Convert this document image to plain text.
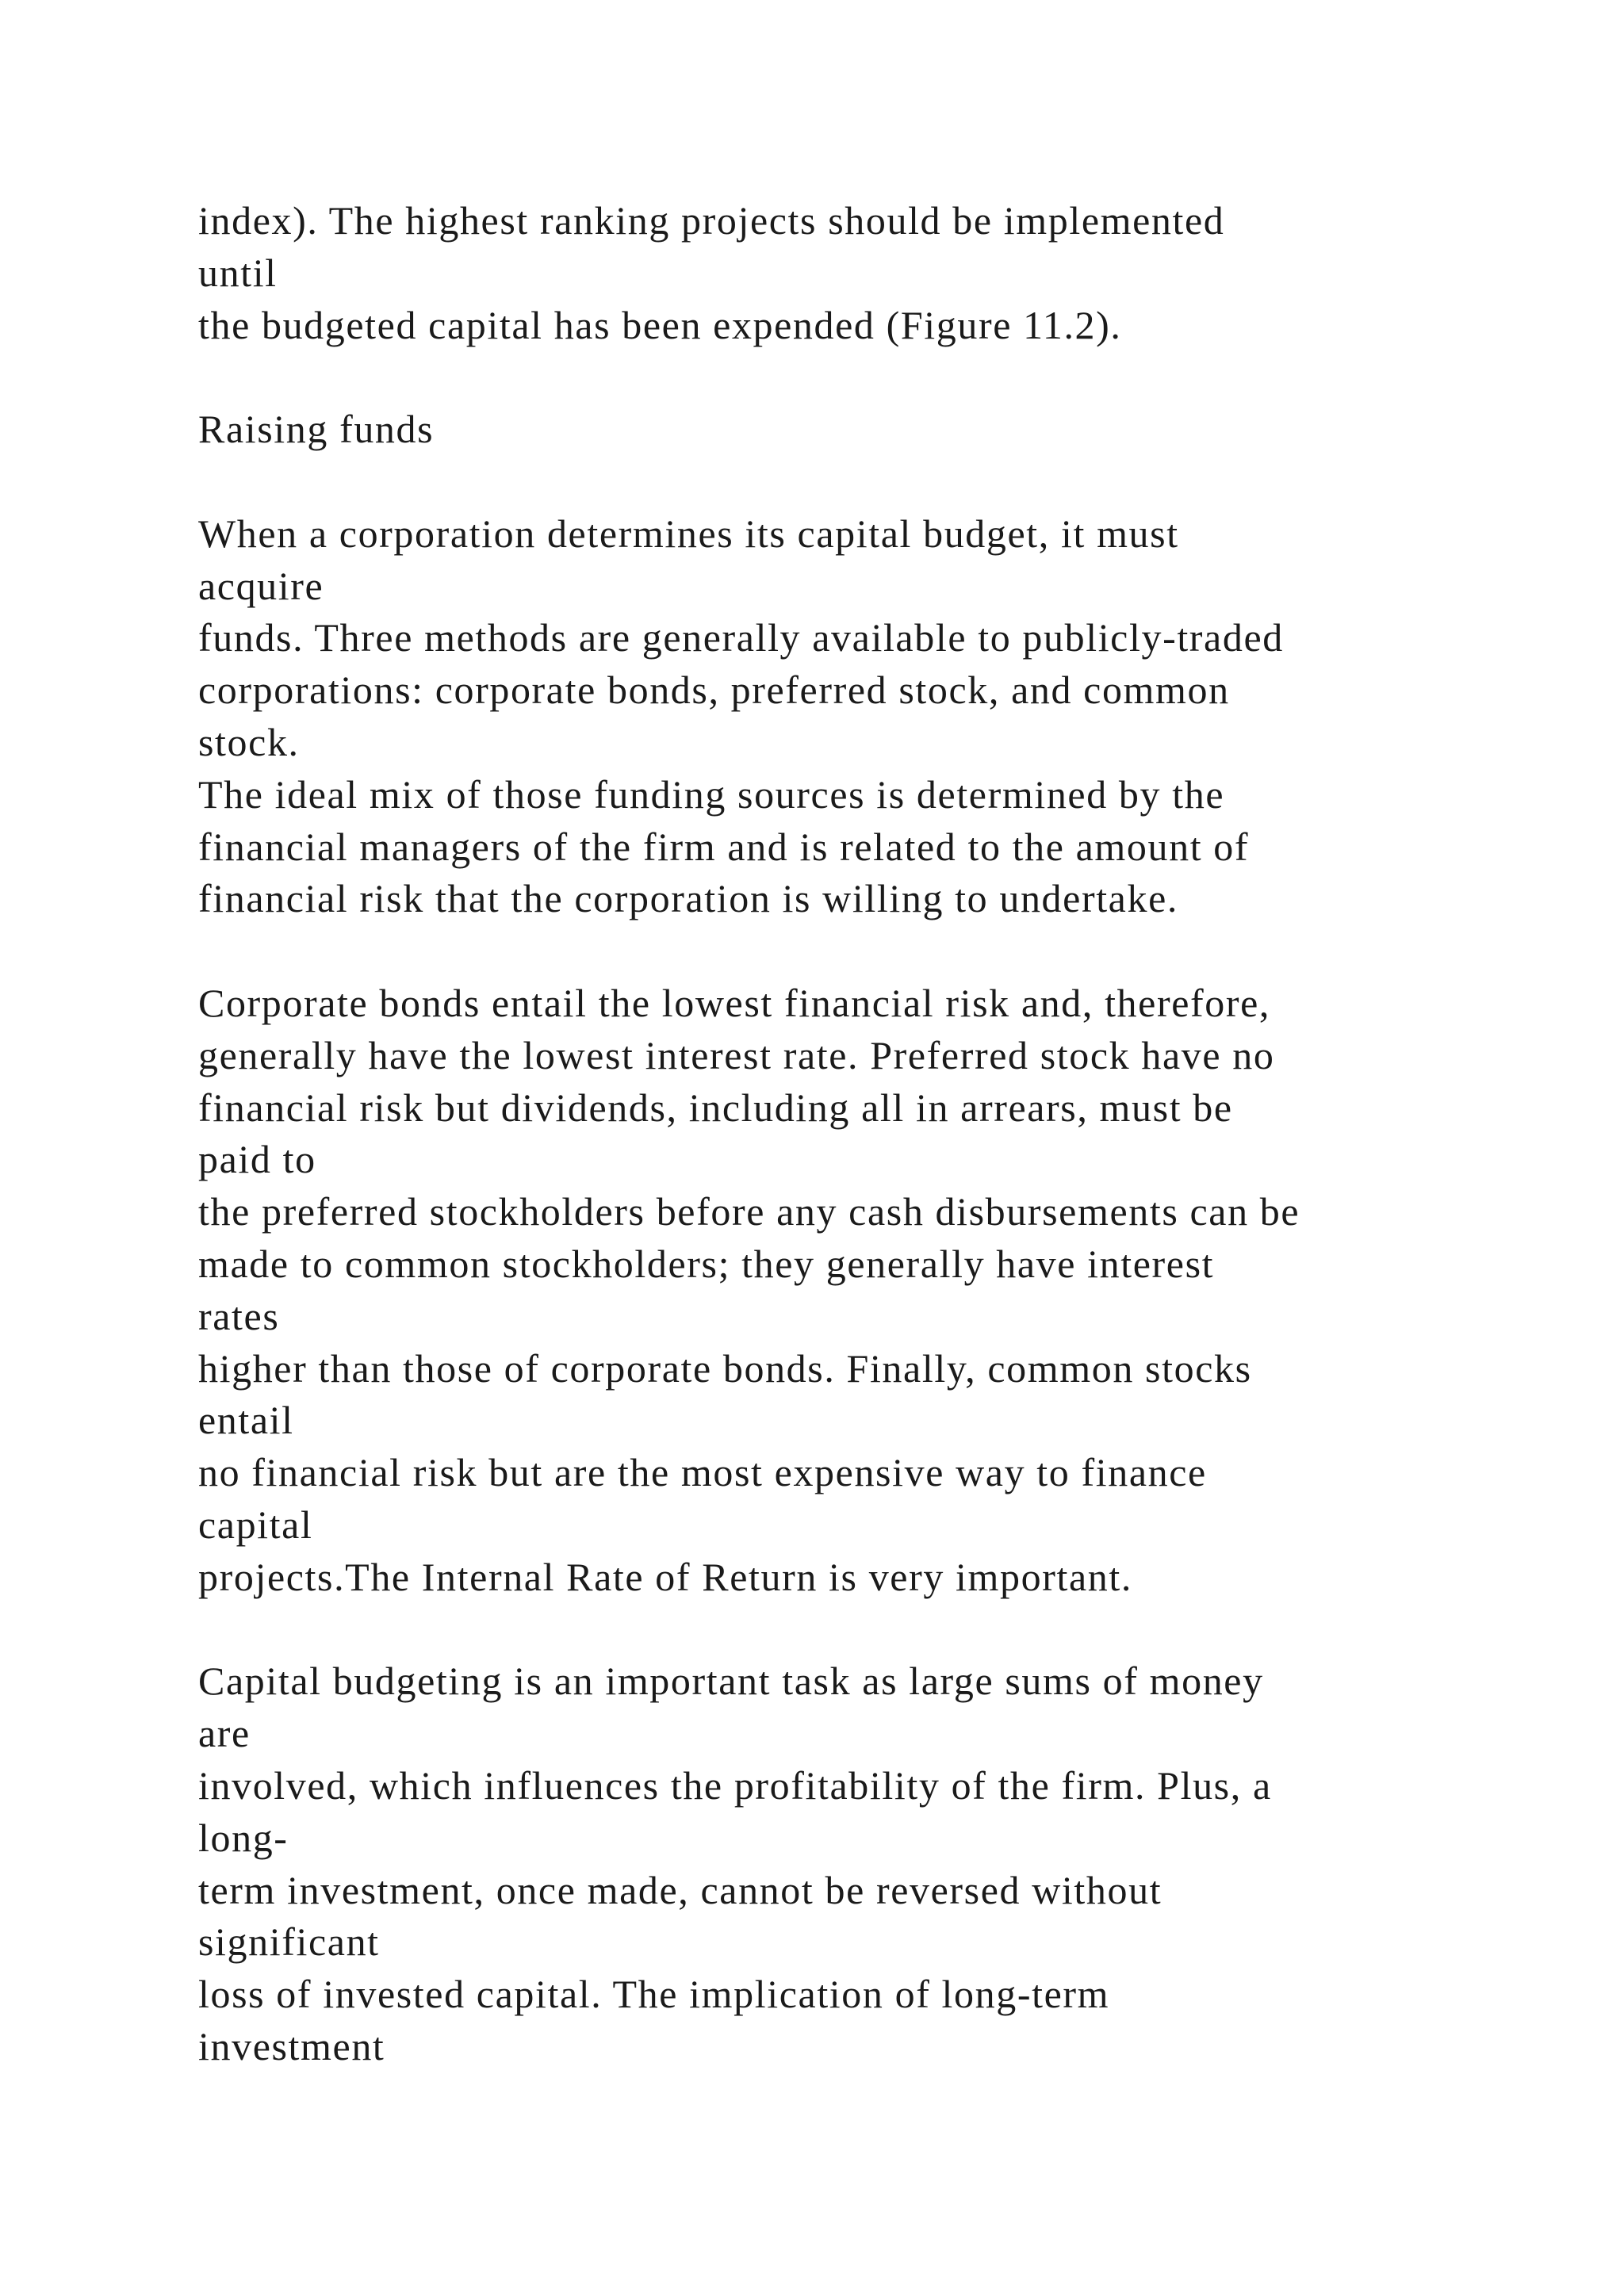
index). The highest ranking projects should be implemented
until
the budgeted capital has been expended (Figure 11.2).
Raising funds
When a corporation determines its capital budget, it must
acquire
funds. Three methods are generally available to publicly-traded
corporations: corporate bonds, preferred stock, and common
stock.
The ideal mix of those funding sources is determined by the
financial managers of the firm and is related to the amount of
financial risk that the corporation is willing to undertake.
Corporate bonds entail the lowest financial risk and, therefore,
generally have the lowest interest rate. Preferred stock have no
financial risk but dividends, including all in arrears, must be
paid to
the preferred stockholders before any cash disbursements can be
made to common stockholders; they generally have interest
rates
higher than those of corporate bonds. Finally, common stocks
entail
no financial risk but are the most expensive way to finance
capital
projects.The Internal Rate of Return is very important.
Capital budgeting is an important task as large sums of money
are
involved, which influences the profitability of the firm. Plus, a
long-
term investment, once made, cannot be reversed without
significant
loss of invested capital. The implication of long-term
investment
